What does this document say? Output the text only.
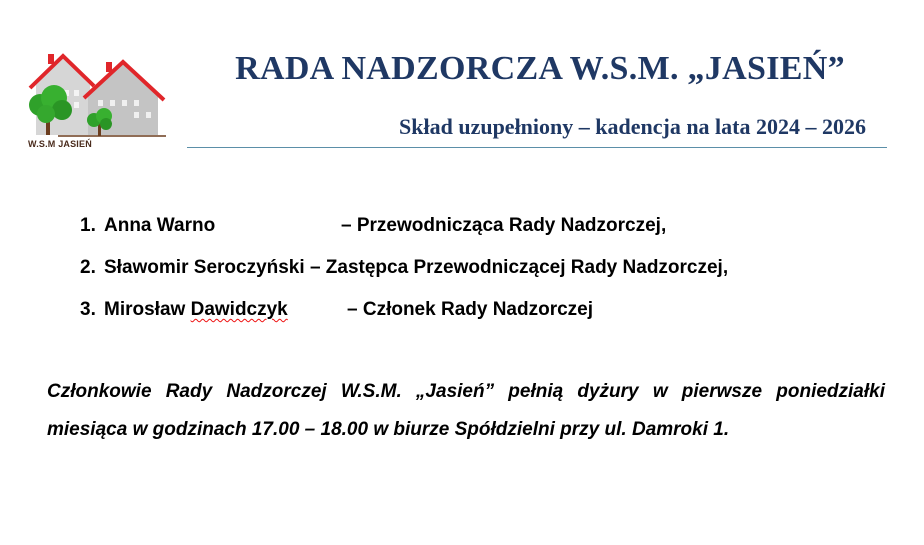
W.S.M JASIEŃ
RADA NADZORCZA W.S.M. „JASIEŃ”
Skład uzupełniony – kadencja na lata 2024 – 2026
1. Anna Warno	– Przewodnicząca Rady Nadzorczej,
2. Sławomir Seroczyński – Zastępca Przewodniczącej Rady Nadzorczej,
3. Mirosław Dawidczyk	– Członek Rady Nadzorczej

Członkowie Rady Nadzorczej W.S.M. „Jasień” pełnią dyżury w pierwsze poniedziałki miesiąca w godzinach 17.00 – 18.00 w biurze Spółdzielni przy ul. Damroki 1.
